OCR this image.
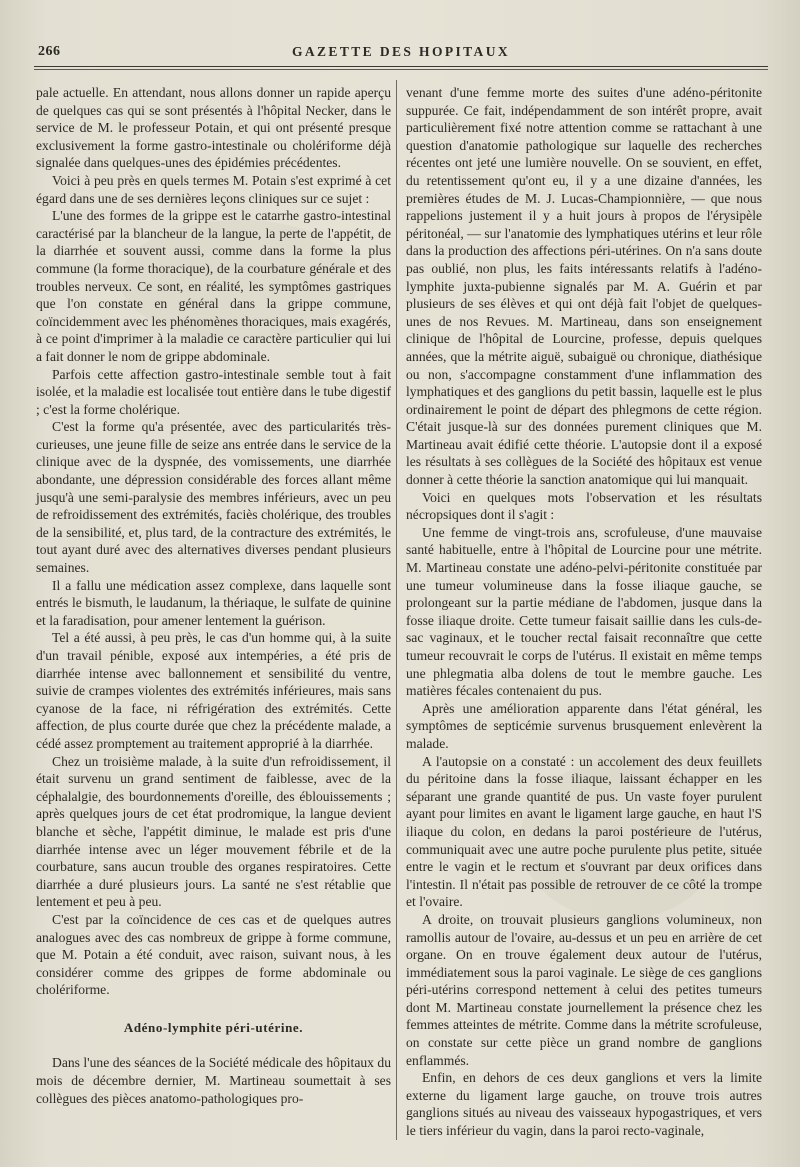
266	GAZETTE DES HOPITAUX

pale actuelle. En attendant, nous allons donner un rapide aperçu de quelques cas qui se sont présentés à l'hôpital Necker, dans le service de M. le professeur Potain, et qui ont présenté presque exclusivement la forme gastro-intestinale ou cholériforme déjà signalée dans quelques-unes des épidémies précédentes.

Voici à peu près en quels termes M. Potain s'est exprimé à cet égard dans une de ses dernières leçons cliniques sur ce sujet :

L'une des formes de la grippe est le catarrhe gastro-intestinal caractérisé par la blancheur de la langue, la perte de l'appétit, de la diarrhée et souvent aussi, comme dans la forme la plus commune (la forme thoracique), de la courbature générale et des troubles nerveux. Ce sont, en réalité, les symptômes gastriques que l'on constate en général dans la grippe commune, coïncidemment avec les phénomènes thoraciques, mais exagérés, à ce point d'imprimer à la maladie ce caractère particulier qui lui a fait donner le nom de grippe abdominale.

Parfois cette affection gastro-intestinale semble tout à fait isolée, et la maladie est localisée tout entière dans le tube digestif ; c'est la forme cholérique.

C'est la forme qu'a présentée, avec des particularités très-curieuses, une jeune fille de seize ans entrée dans le service de la clinique avec de la dyspnée, des vomissements, une diarrhée abondante, une dépression considérable des forces allant même jusqu'à une semi-paralysie des membres inférieurs, avec un peu de refroidissement des extrémités, faciès cholérique, des troubles de la sensibilité, et, plus tard, de la contracture des extrémités, le tout ayant duré avec des alternatives diverses pendant plusieurs semaines.

Il a fallu une médication assez complexe, dans laquelle sont entrés le bismuth, le laudanum, la thériaque, le sulfate de quinine et la faradisation, pour amener lentement la guérison.

Tel a été aussi, à peu près, le cas d'un homme qui, à la suite d'un travail pénible, exposé aux intempéries, a été pris de diarrhée intense avec ballonnement et sensibilité du ventre, suivie de crampes violentes des extrémités inférieures, mais sans cyanose de la face, ni réfrigération des extrémités. Cette affection, de plus courte durée que chez la précédente malade, a cédé assez promptement au traitement approprié à la diarrhée.

Chez un troisième malade, à la suite d'un refroidissement, il était survenu un grand sentiment de faiblesse, avec de la céphalalgie, des bourdonnements d'oreille, des éblouissements ; après quelques jours de cet état prodromique, la langue devient blanche et sèche, l'appétit diminue, le malade est pris d'une diarrhée intense avec un léger mouvement fébrile et de la courbature, sans aucun trouble des organes respiratoires. Cette diarrhée a duré plusieurs jours. La santé ne s'est rétablie que lentement et peu à peu.

C'est par la coïncidence de ces cas et de quelques autres analogues avec des cas nombreux de grippe à forme commune, que M. Potain a été conduit, avec raison, suivant nous, à les considérer comme des grippes de forme abdominale ou cholériforme.

Adéno-lymphite péri-utérine.

Dans l'une des séances de la Société médicale des hôpitaux du mois de décembre dernier, M. Martineau soumettait à ses collègues des pièces anatomo-pathologiques pro-

venant d'une femme morte des suites d'une adéno-péritonite suppurée. Ce fait, indépendamment de son intérêt propre, avait particulièrement fixé notre attention comme se rattachant à une question d'anatomie pathologique sur laquelle des recherches récentes ont jeté une lumière nouvelle. On se souvient, en effet, du retentissement qu'ont eu, il y a une dizaine d'années, les premières études de M. J. Lucas-Championnière, — que nous rappelions justement il y a huit jours à propos de l'érysipèle péritonéal, — sur l'anatomie des lymphatiques utérins et leur rôle dans la production des affections péri-utérines. On n'a sans doute pas oublié, non plus, les faits intéressants relatifs à l'adéno-lymphite juxta-pubienne signalés par M. A. Guérin et par plusieurs de ses élèves et qui ont déjà fait l'objet de quelques-unes de nos Revues. M. Martineau, dans son enseignement clinique de l'hôpital de Lourcine, professe, depuis quelques années, que la métrite aiguë, subaiguë ou chronique, diathésique ou non, s'accompagne constamment d'une inflammation des lymphatiques et des ganglions du petit bassin, laquelle est le plus ordinairement le point de départ des phlegmons de cette région. C'était jusque-là sur des données purement cliniques que M. Martineau avait édifié cette théorie. L'autopsie dont il a exposé les résultats à ses collègues de la Société des hôpitaux est venue donner à cette théorie la sanction anatomique qui lui manquait.

Voici en quelques mots l'observation et les résultats nécropsiques dont il s'agit :

Une femme de vingt-trois ans, scrofuleuse, d'une mauvaise santé habituelle, entre à l'hôpital de Lourcine pour une métrite. M. Martineau constate une adéno-pelvi-péritonite constituée par une tumeur volumineuse dans la fosse iliaque gauche, se prolongeant sur la partie médiane de l'abdomen, jusque dans la fosse iliaque droite. Cette tumeur faisait saillie dans les culs-de-sac vaginaux, et le toucher rectal faisait reconnaître que cette tumeur recouvrait le corps de l'utérus. Il existait en même temps une phlegmatia alba dolens de tout le membre gauche. Les matières fécales contenaient du pus.

Après une amélioration apparente dans l'état général, les symptômes de septicémie survenus brusquement enlevèrent la malade.

A l'autopsie on a constaté : un accolement des deux feuillets du péritoine dans la fosse iliaque, laissant échapper en les séparant une grande quantité de pus. Un vaste foyer purulent ayant pour limites en avant le ligament large gauche, en haut l'S iliaque du colon, en dedans la paroi postérieure de l'utérus, communiquait avec une autre poche purulente plus petite, située entre le vagin et le rectum et s'ouvrant par deux orifices dans l'intestin. Il n'était pas possible de retrouver de ce côté la trompe et l'ovaire.

A droite, on trouvait plusieurs ganglions volumineux, non ramollis autour de l'ovaire, au-dessus et un peu en arrière de cet organe. On en trouve également deux autour de l'utérus, immédiatement sous la paroi vaginale. Le siège de ces ganglions péri-utérins correspond nettement à celui des petites tumeurs dont M. Martineau constate journellement la présence chez les femmes atteintes de métrite. Comme dans la métrite scrofuleuse, on constate sur cette pièce un grand nombre de ganglions enflammés.

Enfin, en dehors de ces deux ganglions et vers la limite externe du ligament large gauche, on trouve trois autres ganglions situés au niveau des vaisseaux hypogastriques, et vers le tiers inférieur du vagin, dans la paroi recto-vaginale,
